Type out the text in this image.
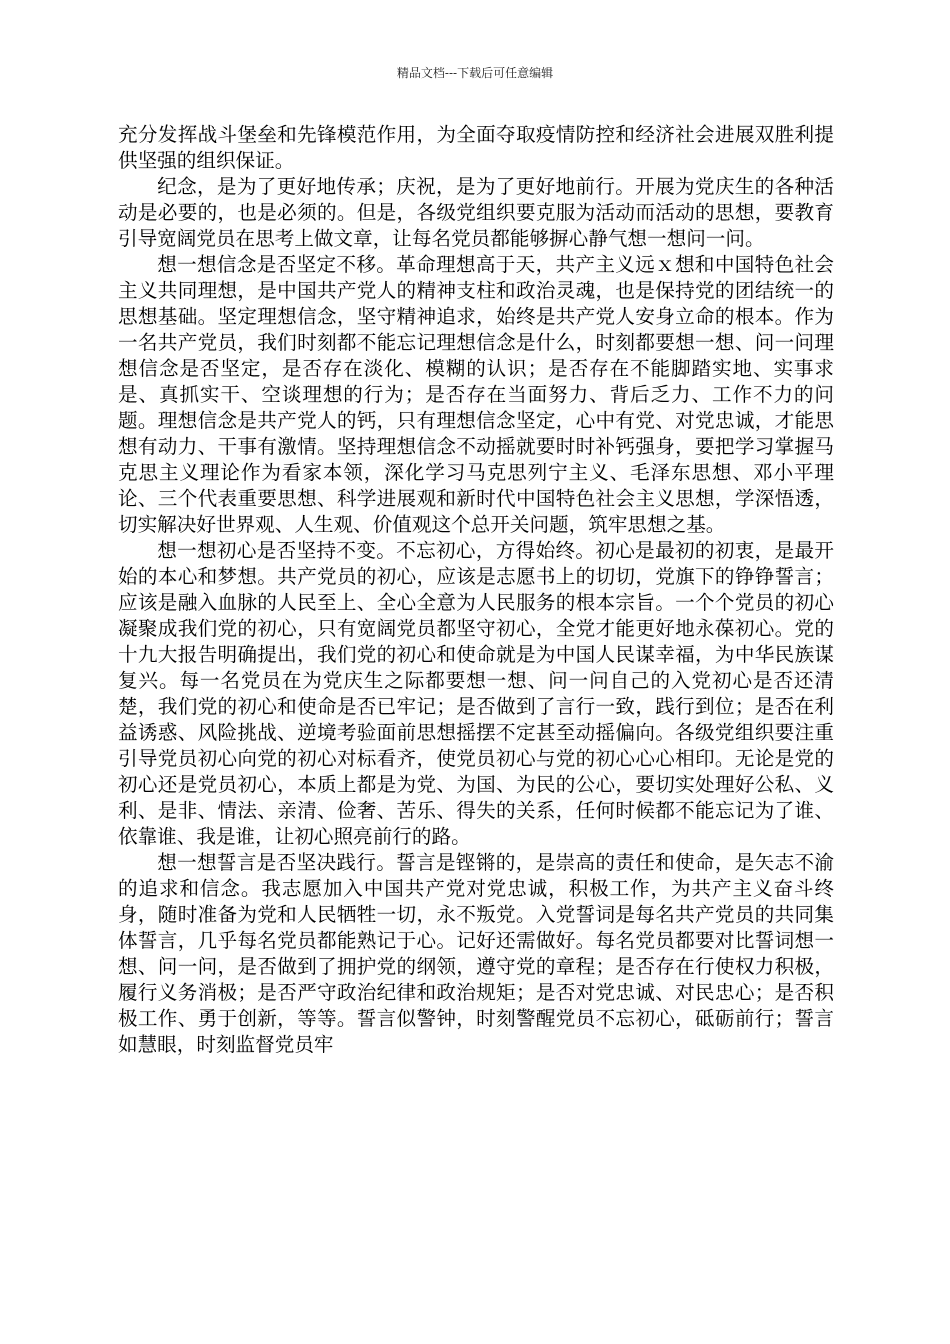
精品文档---下载后可任意编辑

充分发挥战斗堡垒和先锋模范作用，为全面夺取疫情防控和经济社会进展双胜利提供坚强的组织保证。

纪念，是为了更好地传承；庆祝，是为了更好地前行。开展为党庆生的各种活动是必要的，也是必须的。但是，各级党组织要克服为活动而活动的思想，要教育引导宽阔党员在思考上做文章，让每名党员都能够摒心静气想一想问一问。

想一想信念是否坚定不移。革命理想高于天，共产主义远ｘ想和中国特色社会主义共同理想，是中国共产党人的精神支柱和政治灵魂，也是保持党的团结统一的思想基础。坚定理想信念，坚守精神追求，始终是共产党人安身立命的根本。作为一名共产党员，我们时刻都不能忘记理想信念是什么，时刻都要想一想、问一问理想信念是否坚定，是否存在淡化、模糊的认识；是否存在不能脚踏实地、实事求是、真抓实干、空谈理想的行为；是否存在当面努力、背后乏力、工作不力的问题。理想信念是共产党人的钙，只有理想信念坚定，心中有党、对党忠诚，才能思想有动力、干事有激情。坚持理想信念不动摇就要时时补钙强身，要把学习掌握马克思主义理论作为看家本领，深化学习马克思列宁主义、毛泽东思想、邓小平理论、三个代表重要思想、科学进展观和新时代中国特色社会主义思想，学深悟透，切实解决好世界观、人生观、价值观这个总开关问题，筑牢思想之基。

想一想初心是否坚持不变。不忘初心，方得始终。初心是最初的初衷，是最开始的本心和梦想。共产党员的初心，应该是志愿书上的切切，党旗下的铮铮誓言；应该是融入血脉的人民至上、全心全意为人民服务的根本宗旨。一个个党员的初心凝聚成我们党的初心，只有宽阔党员都坚守初心，全党才能更好地永葆初心。党的十九大报告明确提出，我们党的初心和使命就是为中国人民谋幸福，为中华民族谋复兴。每一名党员在为党庆生之际都要想一想、问一问自己的入党初心是否还清楚，我们党的初心和使命是否已牢记；是否做到了言行一致，践行到位；是否在利益诱惑、风险挑战、逆境考验面前思想摇摆不定甚至动摇偏向。各级党组织要注重引导党员初心向党的初心对标看齐，使党员初心与党的初心心心相印。无论是党的初心还是党员初心，本质上都是为党、为国、为民的公心，要切实处理好公私、义利、是非、情法、亲清、俭奢、苦乐、得失的关系，任何时候都不能忘记为了谁、依靠谁、我是谁，让初心照亮前行的路。

想一想誓言是否坚决践行。誓言是铿锵的，是崇高的责任和使命，是矢志不渝的追求和信念。我志愿加入中国共产党对党忠诚，积极工作，为共产主义奋斗终身，随时准备为党和人民牺牲一切，永不叛党。入党誓词是每名共产党员的共同集体誓言，几乎每名党员都能熟记于心。记好还需做好。每名党员都要对比誓词想一想、问一问，是否做到了拥护党的纲领，遵守党的章程；是否存在行使权力积极，履行义务消极；是否严守政治纪律和政治规矩；是否对党忠诚、对民忠心；是否积极工作、勇于创新，等等。誓言似警钟，时刻警醒党员不忘初心，砥砺前行；誓言如慧眼，时刻监督党员牢
